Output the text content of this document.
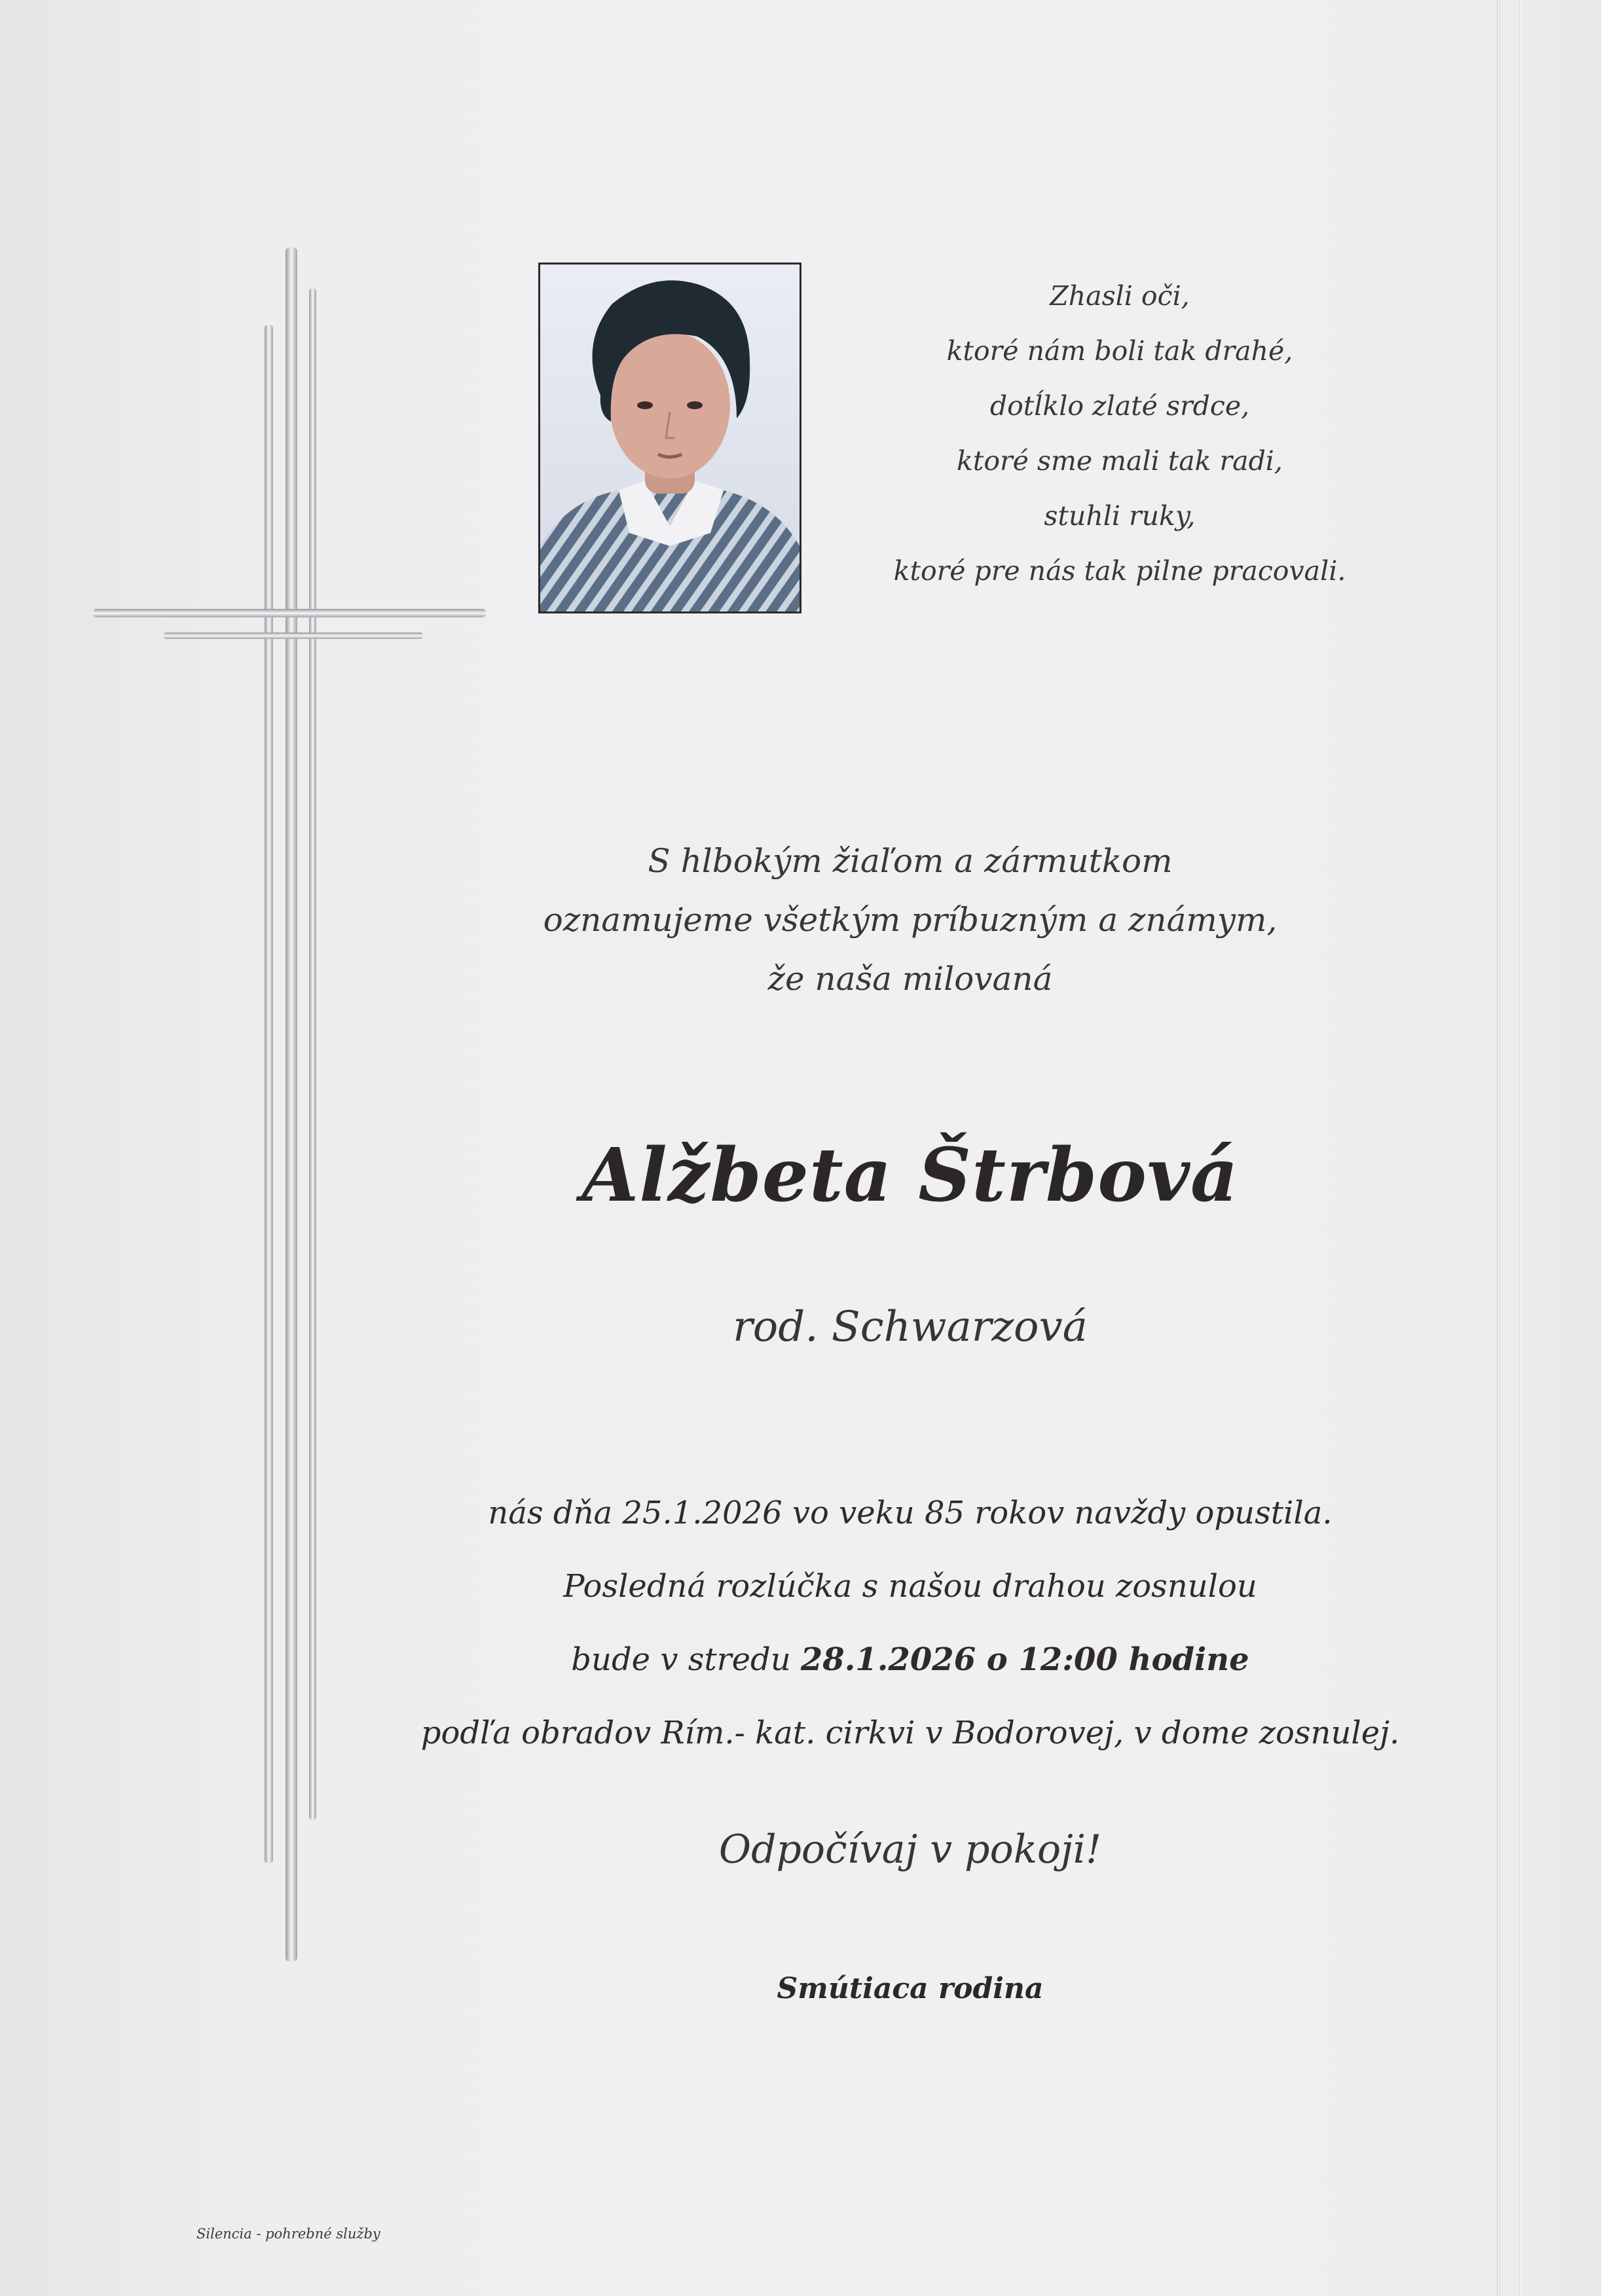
Zhasli oči,
ktoré nám boli tak drahé,
dotĺklo zlaté srdce,
ktoré sme mali tak radi,
stuhli ruky,
ktoré pre nás tak pilne pracovali.
S hlbokým žiaľom a zármutkom
oznamujeme všetkým príbuzným a známym,
že naša milovaná
Alžbeta Štrbová
rod. Schwarzová
nás dňa 25.1.2026 vo veku 85 rokov navždy opustila.
Posledná rozlúčka s našou drahou zosnulou
bude v stredu 28.1.2026 o 12:00 hodine
podľa obradov Rím.- kat. cirkvi v Bodorovej, v dome zosnulej.
Odpočívaj v pokoji!
Smútiaca rodina
Silencia - pohrebné služby
